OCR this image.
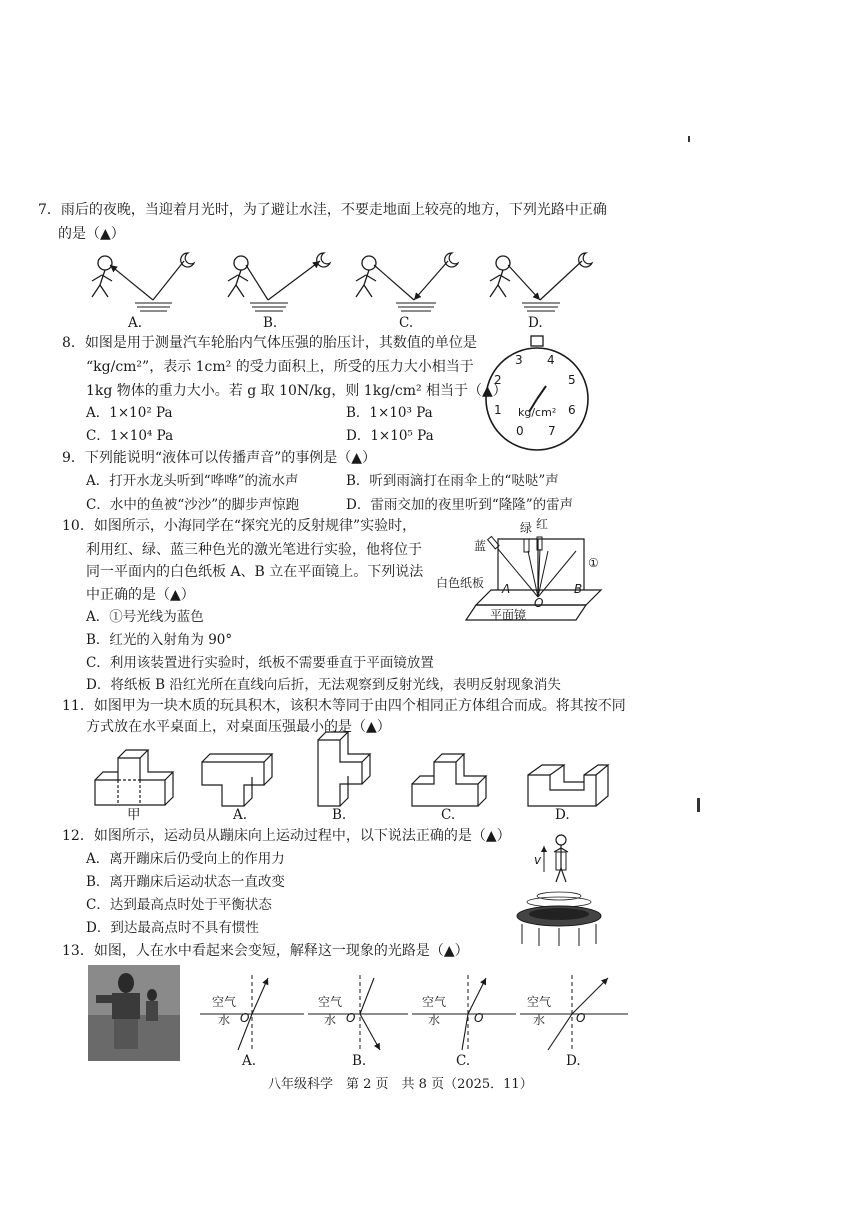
7．雨后的夜晚，当迎着月光时，为了避让水洼，不要走地面上较亮的地方，下列光路中正确
的是（▲）
A.	B.	C.	D.
8．如图是用于测量汽车轮胎内气体压强的胎压计，其数值的单位是
“kg/cm²”，表示 1cm² 的受力面积上，所受的压力大小相当于
1kg 物体的重力大小。若 g 取 10N/kg，则 1kg/cm² 相当于（▲）
A．1×10² Pa	B．1×10³ Pa
C．1×10⁴ Pa	D．1×10⁵ Pa	0
1
2
3 4
5
6
7
kg/cm²
9．下列能说明“液体可以传播声音”的事例是（▲）
A．打开水龙头听到“哗哗”的流水声	B．听到雨滴打在雨伞上的“哒哒”声
C．水中的鱼被“沙沙”的脚步声惊跑	D．雷雨交加的夜里听到“隆隆”的雷声
10．如图所示，小海同学在“探究光的反射规律”实验时，
利用红、绿、蓝三种色光的激光笔进行实验，他将位于
同一平面内的白色纸板 A、B 立在平面镜上。下列说法
中正确的是（▲）
A．①号光线为蓝色
B．红光的入射角为 90°
C．利用该装置进行实验时，纸板不需要垂直于平面镜放置
D．将纸板 B 沿红光所在直线向后折，无法观察到反射光线，表明反射现象消失
绿 红
蓝
①
白色纸板 A	B
O
平面镜
11．如图甲为一块木质的玩具积木，该积木等同于由四个相同正方体组合而成。将其按不同
方式放在水平桌面上，对桌面压强最小的是（▲）
甲	A.	B.	C.	D.
12．如图所示，运动员从蹦床向上运动过程中，以下说法正确的是（▲）
A．离开蹦床后仍受向上的作用力
B．离开蹦床后运动状态一直改变
C．达到最高点时处于平衡状态
D．到达最高点时不具有惯性
v
13．如图，人在水中看起来会变短，解释这一现象的光路是（▲）
空气
水 O
空气
水 O
空气
水	O
空气
水	O
A.	B.	C.	D.
八年级科学　第 2 页　共 8 页（2025．11）
